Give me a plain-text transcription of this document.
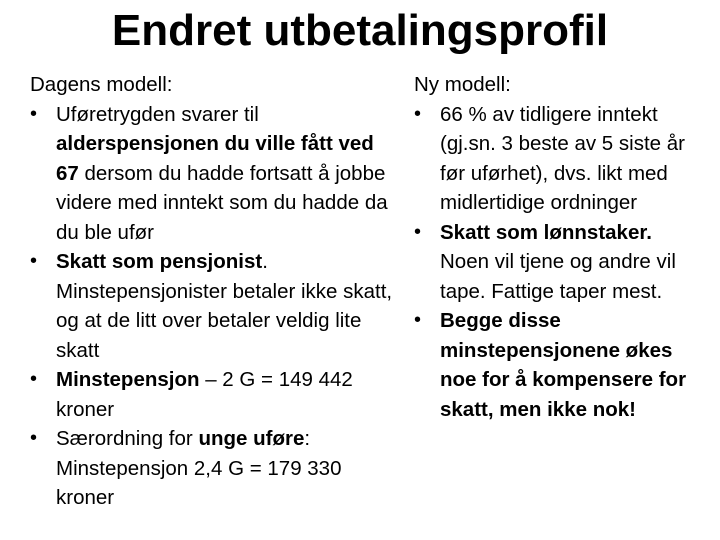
Endret utbetalingsprofil
Dagens modell:
• Uføretrygden svarer til alderspensjonen du ville fått ved 67 dersom du hadde fortsatt å jobbe videre med inntekt som du hadde da du ble ufør
• Skatt som pensjonist. Minstepensjonister betaler ikke skatt, og at de litt over betaler veldig lite skatt
• Minstepensjon – 2 G = 149 442 kroner
• Særordning for unge uføre: Minstepensjon 2,4 G = 179 330 kroner
Ny modell:
• 66 % av tidligere inntekt (gj.sn. 3 beste av 5 siste år før uførhet), dvs. likt med midlertidige ordninger
• Skatt som lønnstaker. Noen vil tjene og andre vil tape. Fattige taper mest.
• Begge disse minstepensjonene økes noe for å kompensere for skatt, men ikke nok!
